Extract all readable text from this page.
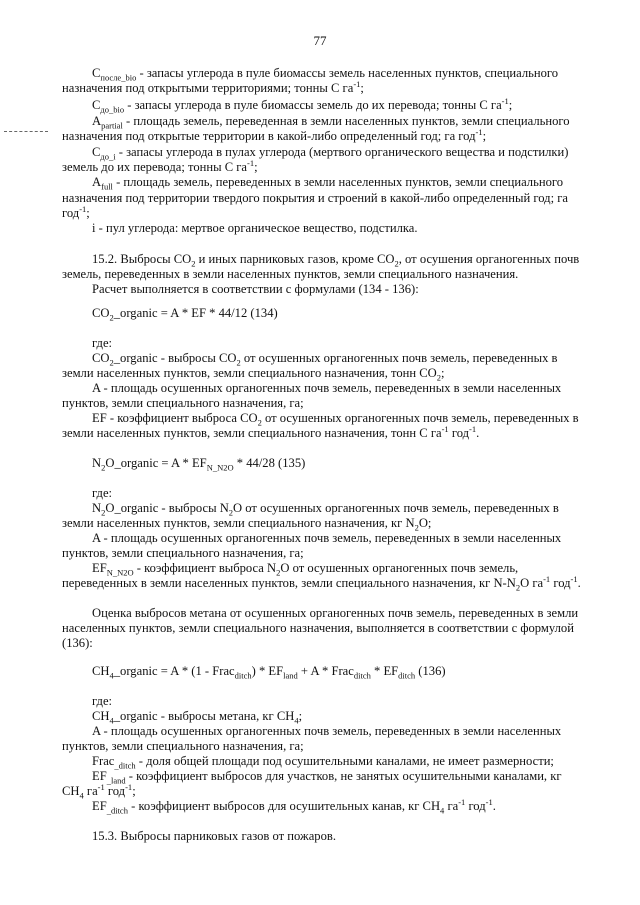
77
$C_{после\_bio}$ - запасы углерода в пуле биомассы земель населенных пунктов, специального
назначения под открытыми территориями; тонны С $га^{-1}$;
$C_{до\_bio}$ - запасы углерода в пуле биомассы земель до их перевода; тонны С $га^{-1}$;
$A_{partial}$ - площадь земель, переведенная в земли населенных пунктов, земли специального
назначения под открытые территории в какой-либо определенный год; га год$^{-1}$;
$C_{до\_i}$ - запасы углерода в пулах углерода (мертвого органического вещества и подстилки)
земель до их перевода; тонны С $га^{-1}$;
$A_{full}$ - площадь земель, переведенных в земли населенных пунктов, земли специального
назначения под территории твердого покрытия и строений в какой-либо определенный год; га
год$^{-1}$;
i - пул углерода: мертвое органическое вещество, подстилка.
15.2. Выбросы $CO_2$ и иных парниковых газов, кроме $CO_2$, от осушения органогенных почв
земель, переведенных в земли населенных пунктов, земли специального назначения.
Расчет выполняется в соответствии с формулами (134 - 136):
$CO_2\_organic = A$ * EF * 44/12 (134)
где:
$CO_2\_organic$ - выбросы $CO_2$ от осушенных органогенных почв земель, переведенных в
земли населенных пунктов, земли специального назначения, тонн $CO_2$;
A - площадь осушенных органогенных почв земель, переведенных в земли населенных
пунктов, земли специального назначения, га;
EF - коэффициент выброса $CO_2$ от осушенных органогенных почв земель, переведенных в
земли населенных пунктов, земли специального назначения, тонн С $га^{-1}$ год$^{-1}$.
$N_2O\_organic = A * EF_{N\_N2O} * 44/28$ (135)
где:
$N_2O\_organic$ - выбросы $N_2O$ от осушенных органогенных почв земель, переведенных в
земли населенных пунктов, земли специального назначения, кг $N_2O$;
A - площадь осушенных органогенных почв земель, переведенных в земли населенных
пунктов, земли специального назначения, га;
$EF_{N\_N2O}$ - коэффициент выброса $N_2O$ от осушенных органогенных почв земель,
переведенных в земли населенных пунктов, земли специального назначения, кг $N-N_2O$ $га^{-1}$ год$^{-1}$.
Оценка выбросов метана от осушенных органогенных почв земель, переведенных в земли
населенных пунктов, земли специального назначения, выполняется в соответствии с формулой
(136):
$CH_4\_organic = A * (1$ - Frac$_{ditch}$) * $EF_{land} + A$ * Frac$_{ditch}$ * $EF_{ditch}$ (136)
где:
$CH_4\_organic$ - выбросы метана, кг $CH_4$;
A - площадь осушенных органогенных почв земель, переведенных в земли населенных
пунктов, земли специального назначения, га;
Frac$_{\_ditch}$ - доля общей площади под осушительными каналами, не имеет размерности;
$EF_{\_land}$ - коэффициент выбросов для участков, не занятых осушительными каналами, кг
$CH_4$ $га^{-1}$ год$^{-1}$;
$EF_{\_ditch}$ - коэффициент выбросов для осушительных канав, кг $CH_4$ $га^{-1}$ год$^{-1}$.
15.3. Выбросы парниковых газов от пожаров.
